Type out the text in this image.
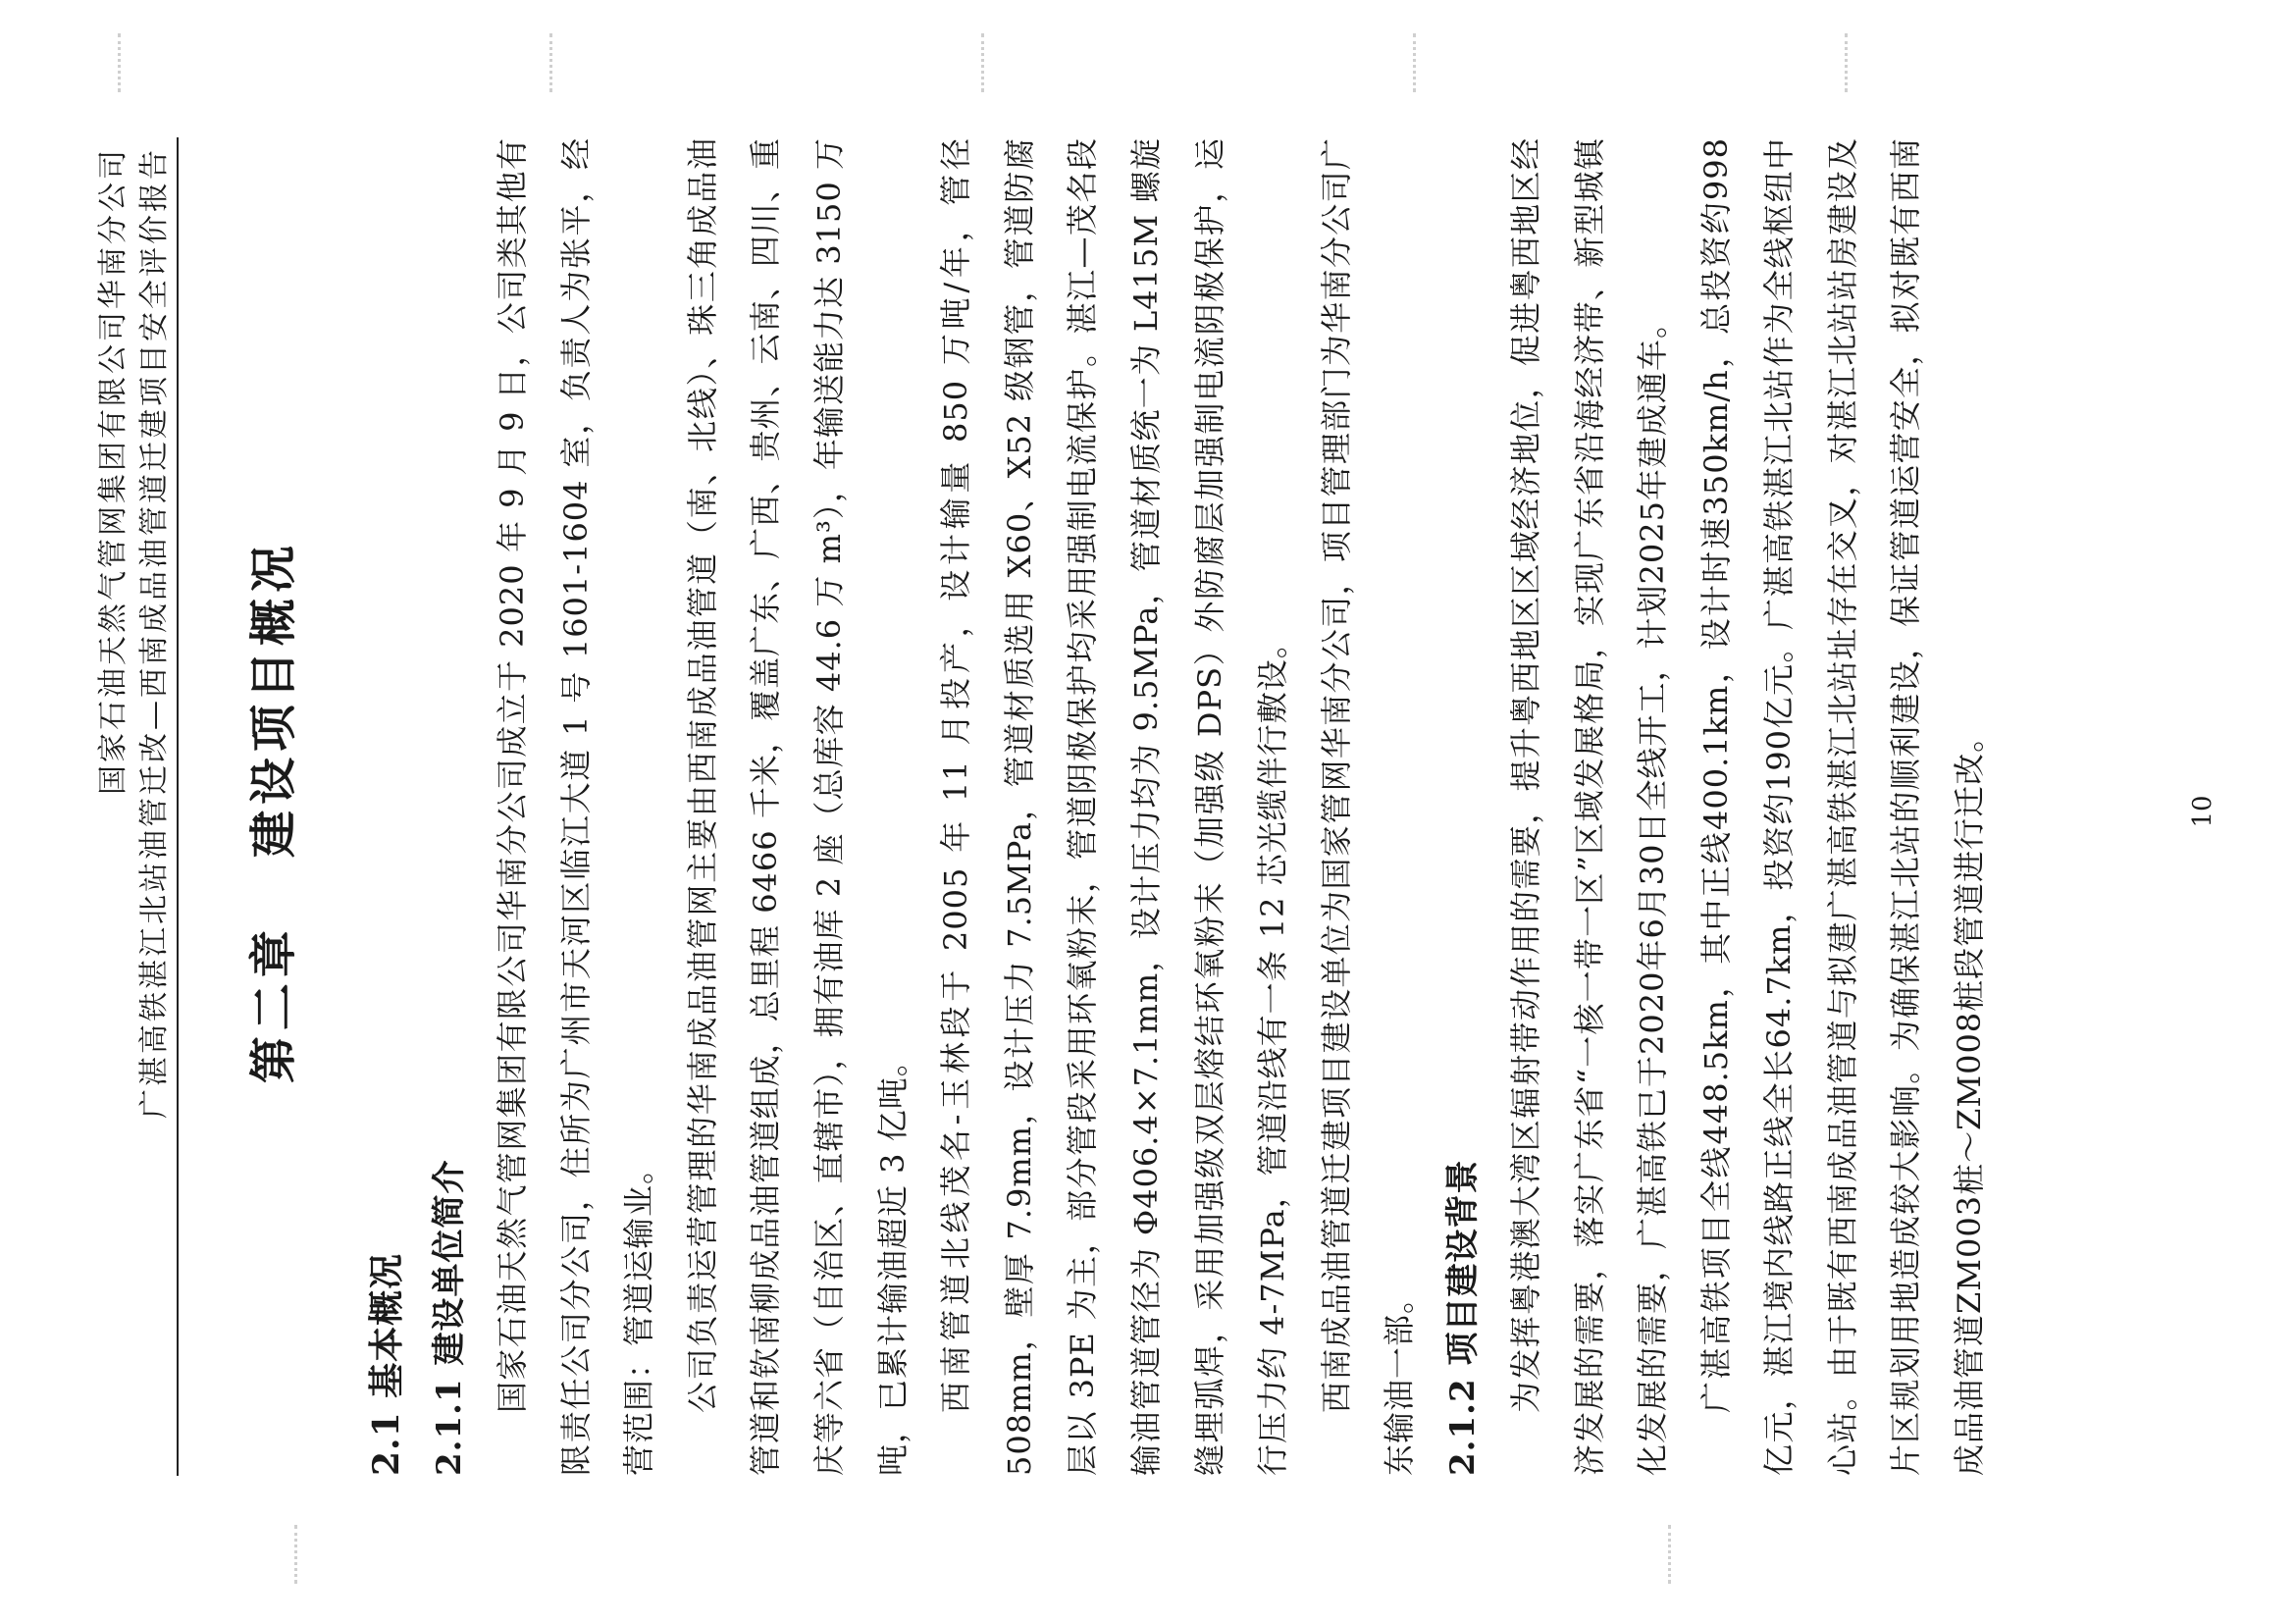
国家石油天然气管网集团有限公司华南分公司 广湛高铁湛江北站油管迁改—西南成品油管道迁建项目安全评价报告 第二章   建设项目概况
2.1 基本概况 2.1.1 建设单位简介 国家石油天然气管网集团有限公司华南分公司成立于 2020 年 9 月 9 日，公司类其他有限责任公司分公司，住所为广州市天河区临江大道 1 号 1601-1604 室，负责人为张平，经营范围：管道运输业。 公司负责运营管理的华南成品油管网主要由西南成品油管道（南、北线）、珠三角成品油管道和钦南柳成品油管道组成，总里程 6466 千米，覆盖广东、广西、贵州、云南、四川、重庆等六省（自治区、直辖市），拥有油库 2 座（总库容 44.6 万 m³），年输送能力达 3150 万吨，已累计输油超近 3 亿吨。 西南管道北线茂名-玉林段于 2005 年 11 月投产，设计输量 850 万吨/年，管径 508mm，壁厚 7.9mm，设计压力 7.5MPa，管道材质选用 X60、X52 级钢管，管道防腐层以 3PE 为主，部分管段采用环氧粉末，管道阴极保护均采用强制电流保护。湛江—茂名段输油管道管径为 Φ406.4×7.1mm，设计压力均为 9.5MPa，管道材质统一为 L415M 螺旋缝埋弧焊，采用加强级双层熔结环氧粉末（加强级 DPS）外防腐层加强制电流阴极保护，运行压力约 4-7MPa，管道沿线有一条 12 芯光缆伴行敷设。 西南成品油管道迁建项目建设单位为国家管网华南分公司，项目管理部门为华南分公司广东输油一部。 2.1.2 项目建设背景 为发挥粤港澳大湾区辐射带动作用的需要，提升粤西地区区域经济地位，促进粤西地区经济发展的需要，落实广东省“一核一带一区”区域发展格局，实现广东省沿海经济带、新型城镇化发展的需要，广湛高铁已于2020年6月30日全线开工，计划2025年建成通车。 广湛高铁项目全线448.5km，其中正线400.1km，设计时速350km/h，总投资约998亿元，湛江境内线路正线全长64.7km，投资约190亿元。广湛高铁湛江北站作为全线枢纽中心站。由于既有西南成品油管道与拟建广湛高铁湛江北站址存在交叉，对湛江北站站房建设及片区规划用地造成较大影响。为确保湛江北站的顺利建设，保证管道运营安全，拟对既有西南成品油管道ZM003桩～ZM008桩段管道进行迁改。	10
